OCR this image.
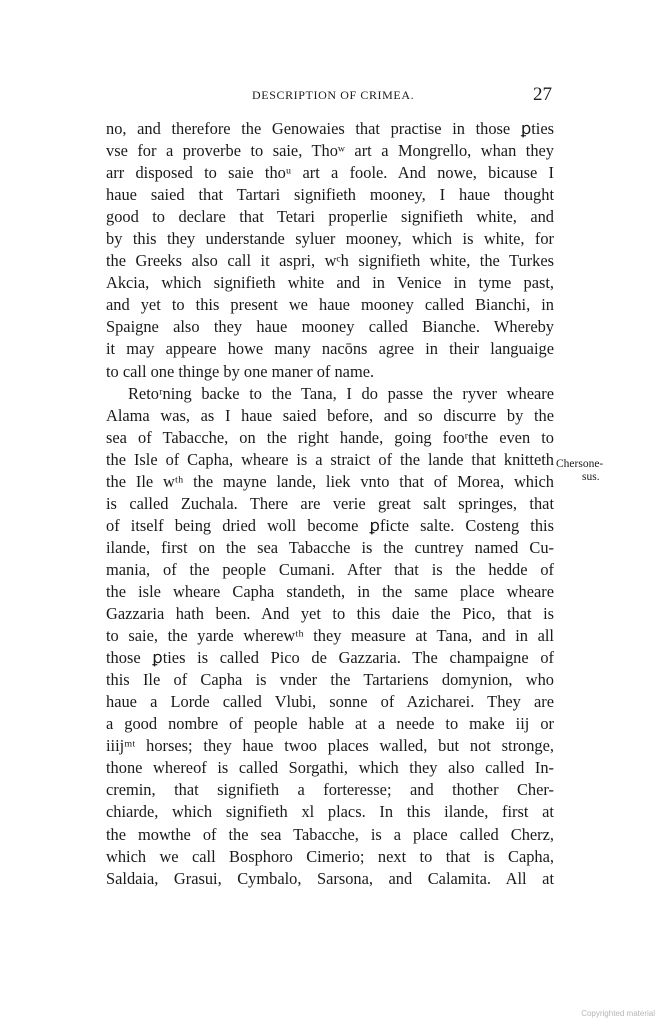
DESCRIPTION OF CRIMEA.	27
no, and therefore the Genowaies that practise in those ꝑties
vse for a proverbe to saie, Thoʷ art a Mongrello, whan they
arr disposed to saie thoᵘ art a foole. And nowe, bicause I
haue saied that Tartari signifieth mooney, I haue thought
good to declare that Tetari properlie signifieth white, and
by this they understande syluer mooney, which is white, for
the Greeks also call it aspri, wᶜh signifieth white, the Turkes
Akcia, which signifieth white and in Venice in tyme past,
and yet to this present we haue mooney called Bianchi, in
Spaigne also they haue mooney called Bianche. Whereby
it may appeare howe many nacōns agree in their languaige
to call one thinge by one maner of name.
Retoʳning backe to the Tana, I do passe the ryver wheare
Alama was, as I haue saied before, and so discurre by the
sea of Tabacche, on the right hande, going fooʳthe even to
the Isle of Capha, wheare is a straict of the lande that knitteth
the Ile wᵗʰ the mayne lande, liek vnto that of Morea, which
is called Zuchala. There are verie great salt springes, that
of itself being dried woll become ꝑficte salte. Costeng this
ilande, first on the sea Tabacche is the cuntrey named Cu-
mania, of the people Cumani. After that is the hedde of
the isle wheare Capha standeth, in the same place wheare
Gazzaria hath been. And yet to this daie the Pico, that is
to saie, the yarde wherewᵗʰ they measure at Tana, and in all
those ꝑties is called Pico de Gazzaria. The champaigne of
this Ile of Capha is vnder the Tartariens domynion, who
haue a Lorde called Vlubi, sonne of Azicharei. They are
a good nombre of people hable at a neede to make iij or
iiijᵐᵗ horses; they haue twoo places walled, but not stronge,
thone whereof is called Sorgathi, which they also called In-
cremin, that signifieth a forteresse; and thother Cher-
chiarde, which signifieth xl placs. In this ilande, first at
the mowthe of the sea Tabacche, is a place called Cherz,
which we call Bosphoro Cimerio; next to that is Capha,
Saldaia, Grasui, Cymbalo, Sarsona, and Calamita. All at
Chersone-
sus.
Copyrighted material
